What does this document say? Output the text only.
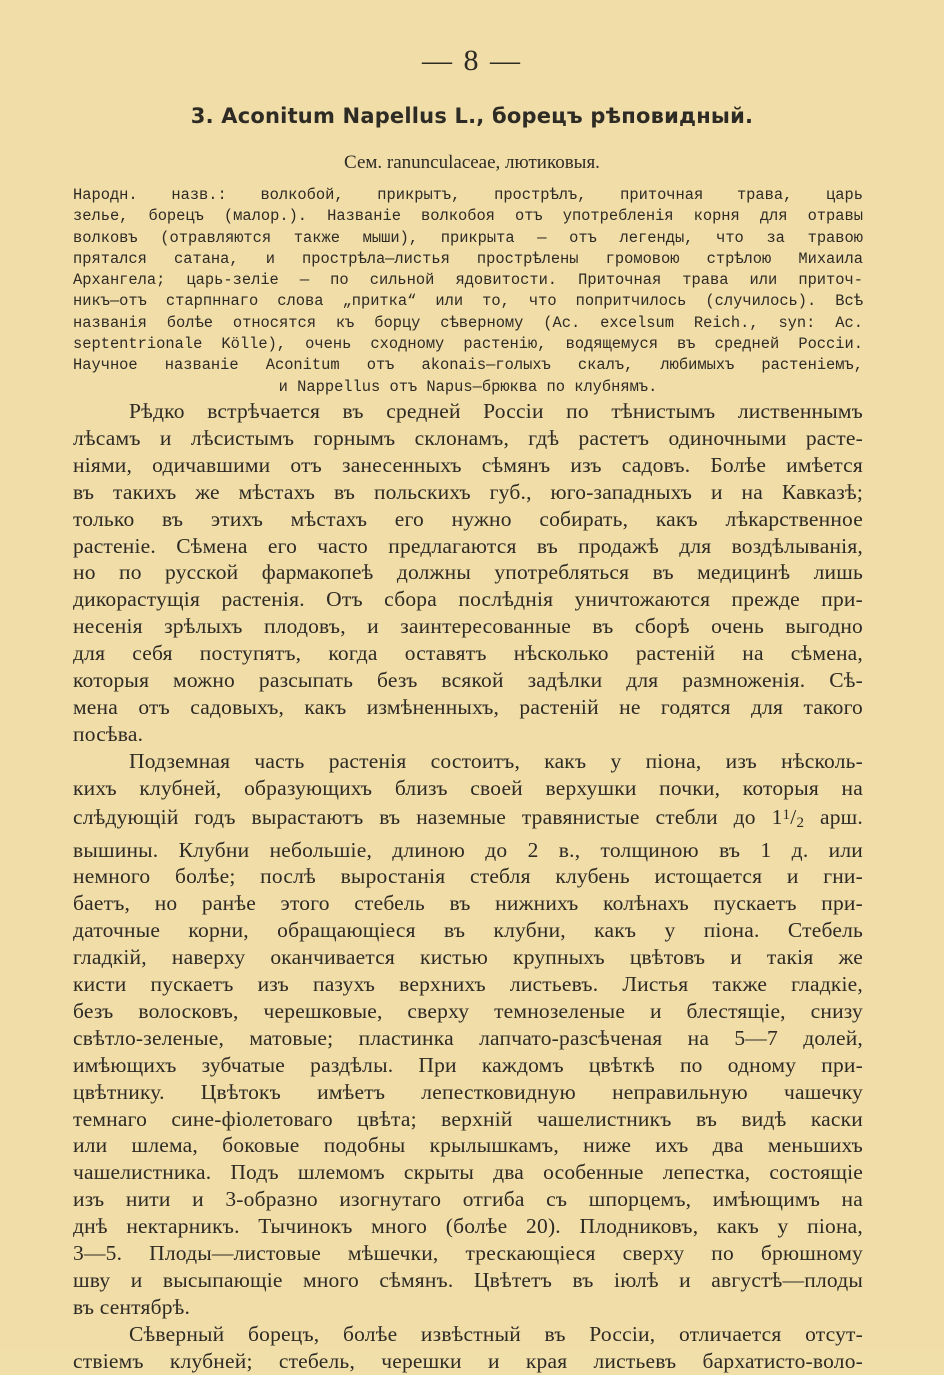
— 8 —
3. Aconitum Napellus L., борецъ рѣповидный.
Сем. ranunculaceae, лютиковыя.
Народн. назв.: волкобой, прикрытъ, прострѣлъ, приточная трава, царь
зелье, борецъ (малор.). Названіе волкобоя отъ употребленія корня для отравы
волковъ (отравляются также мыши), прикрыта — отъ легенды, что за травою
прятался сатана, и прострѣла—листья прострѣлены громовою стрѣлою Михаила
Архангела; царь-зеліе — по сильной ядовитости. Приточная трава или приточ-
никъ—отъ старпннаго слова „притка“ или то, что попритчилось (случилось). Всѣ
названія болѣе относятся къ борцу сѣверному (Ac. excelsum Reich., syn: Ac.
septentrionale Kölle), очень сходному растенію, водящемуся въ средней Россіи.
Научное названіе Aconitum отъ akonais—голыхъ скалъ, любимыхъ растеніемъ,
и Nappellus отъ Napus—брюква по клубнямъ.
Рѣдко встрѣчается въ средней Россіи по тѣнистымъ лиственнымъ
лѣсамъ и лѣсистымъ горнымъ склонамъ, гдѣ растетъ одиночными расте-
ніями, одичавшими отъ занесенныхъ сѣмянъ изъ садовъ. Болѣе имѣется
въ такихъ же мѣстахъ въ польскихъ губ., юго-западныхъ и на Кавказѣ;
только въ этихъ мѣстахъ его нужно собирать, какъ лѣкарственное
растеніе. Сѣмена его часто предлагаются въ продажѣ для воздѣлыванія,
но по русской фармакопеѣ должны употребляться въ медицинѣ лишь
дикорастущія растенія. Отъ сбора послѣднія уничтожаются прежде при-
несенія зрѣлыхъ плодовъ, и заинтересованные въ сборѣ очень выгодно
для себя поступятъ, когда оставятъ нѣсколько растеній на сѣмена,
которыя можно разсыпать безъ всякой задѣлки для размноженія. Сѣ-
мена отъ садовыхъ, какъ измѣненныхъ, растеній не годятся для такого
посѣва.
Подземная часть растенія состоитъ, какъ у піона, изъ нѣсколь-
кихъ клубней, образующихъ близъ своей верхушки почки, которыя на
слѣдующій годъ вырастаютъ въ наземные травянистые стебли до $1^1/2$ арш.
вышины. Клубни небольшіе, длиною до 2 в., толщиною въ 1 д. или
немного болѣе; послѣ выростанія стебля клубень истощается и гни-
баетъ, но ранѣе этого стебель въ нижнихъ колѣнахъ пускаетъ при-
даточные корни, обращающіеся въ клубни, какъ у піона. Стебель
гладкій, наверху оканчивается кистью крупныхъ цвѣтовъ и такія же
кисти пускаетъ изъ пазухъ верхнихъ листьевъ. Листья также гладкіе,
безъ волосковъ, черешковые, сверху темнозеленые и блестящіе, снизу
свѣтло-зеленые, матовые; пластинка лапчато-разсѣченая на 5—7 долей,
имѣющихъ зубчатые раздѣлы. При каждомъ цвѣткѣ по одному при-
цвѣтнику. Цвѣтокъ имѣетъ лепестковидную неправильную чашечку
темнаго сине-фіолетоваго цвѣта; верхній чашелистникъ въ видѣ каски
или шлема, боковые подобны крылышкамъ, ниже ихъ два меньшихъ
чашелистника. Подъ шлемомъ скрыты два особенные лепестка, состоящіе
изъ нити и 3-образно изогнутаго отгиба съ шпорцемъ, имѣющимъ на
днѣ нектарникъ. Тычинокъ много (болѣе 20). Плодниковъ, какъ у піона,
3—5. Плоды—листовые мѣшечки, трескающіеся сверху по брюшному
шву и высыпающіе много сѣмянъ. Цвѣтетъ въ іюлѣ и августѣ—плоды
въ сентябрѣ.
Сѣверный борецъ, болѣе извѣстный въ Россіи, отличается отсут-
ствіемъ клубней; стебель, черешки и края листьевъ бархатисто-воло-
